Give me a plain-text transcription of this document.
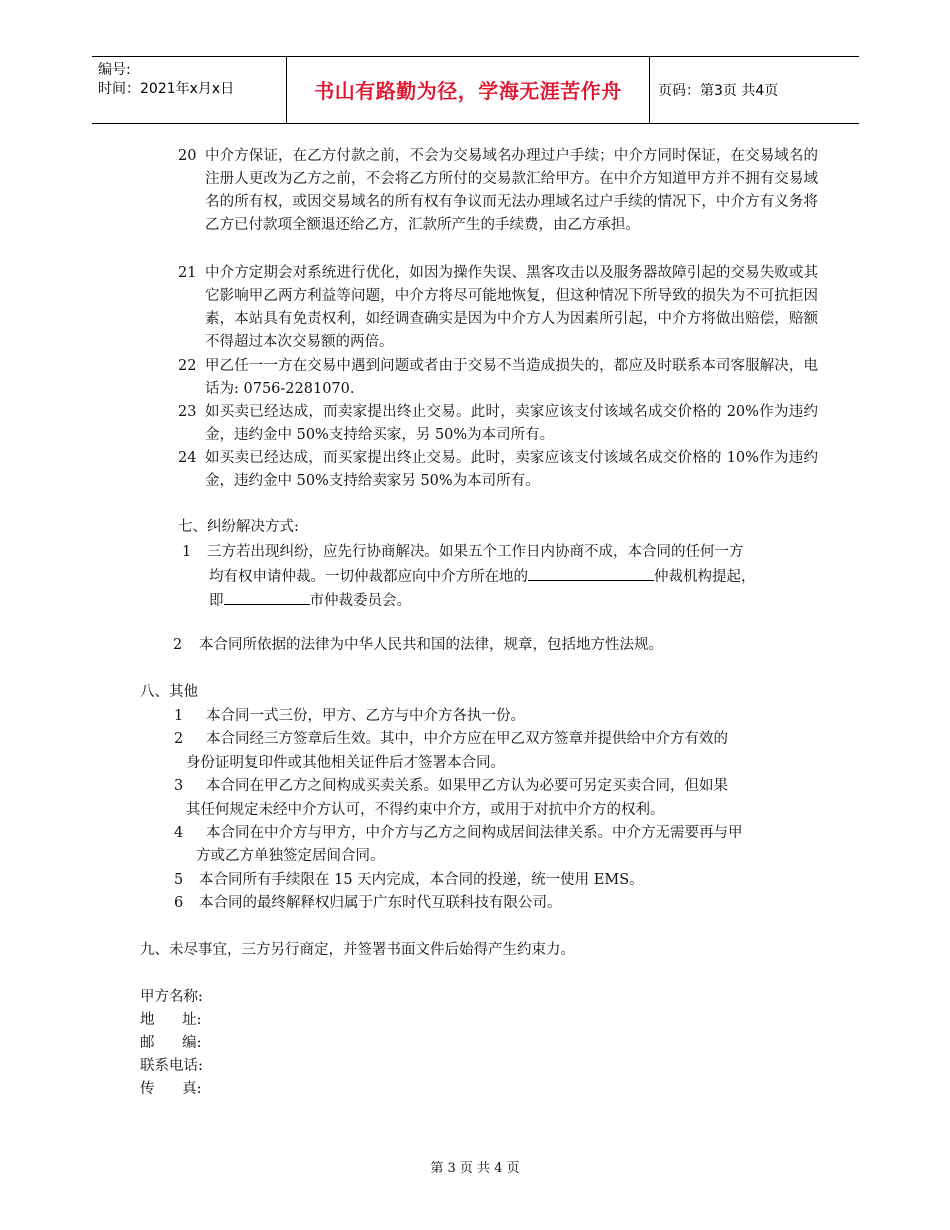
编号:
时间：2021年x月x日	书山有路勤为径，学海无涯苦作舟	页码：第3页 共4页
20 中介方保证，在乙方付款之前，不会为交易域名办理过户手续；中介方同时保证，在交易域名的注册人更改为乙方之前，不会将乙方所付的交易款汇给甲方。在中介方知道甲方并不拥有交易域名的所有权，或因交易域名的所有权有争议而无法办理域名过户手续的情况下，中介方有义务将乙方已付款项全额退还给乙方，汇款所产生的手续费，由乙方承担。
21 中介方定期会对系统进行优化，如因为操作失误、黑客攻击以及服务器故障引起的交易失败或其它影响甲乙两方利益等问题，中介方将尽可能地恢复，但这种情况下所导致的损失为不可抗拒因素，本站具有免责权利，如经调查确实是因为中介方人为因素所引起，中介方将做出赔偿，赔额不得超过本次交易额的两倍。
22 甲乙任一一方在交易中遇到问题或者由于交易不当造成损失的，都应及时联系本司客服解决，电话为: 0756-2281070.
23 如买卖已经达成，而卖家提出终止交易。此时，卖家应该支付该域名成交价格的 20%作为违约金，违约金中 50%支持给买家，另 50%为本司所有。
24 如买卖已经达成，而买家提出终止交易。此时，卖家应该支付该域名成交价格的 10%作为违约金，违约金中 50%支持给卖家另 50%为本司所有。
七、纠纷解决方式:
1 三方若出现纠纷，应先行协商解决。如果五个工作日内协商不成，本合同的任何一方
均有权申请仲裁。一切仲裁都应向中介方所在地的	仲裁机构提起，
即	市仲裁委员会。
2 本合同所依据的法律为中华人民共和国的法律，规章，包括地方性法规。
八、其他
1 本合同一式三份，甲方、乙方与中介方各执一份。
2 本合同经三方签章后生效。其中，中介方应在甲乙双方签章并提供给中介方有效的
身份证明复印件或其他相关证件后才签署本合同。
3 本合同在甲乙方之间构成买卖关系。如果甲乙方认为必要可另定买卖合同，但如果
其任何规定未经中介方认可，不得约束中介方，或用于对抗中介方的权利。
4 本合同在中介方与甲方，中介方与乙方之间构成居间法律关系。中介方无需要再与甲
方或乙方单独签定居间合同。
5 本合同所有手续限在 15 天内完成，本合同的投递，统一使用 EMS。
6 本合同的最终解释权归属于广东时代互联科技有限公司。
九、未尽事宜，三方另行商定，并签署书面文件后始得产生约束力。
甲方名称:
地      址:
邮      编:
联系电话:
传      真:
第 3 页 共 4 页
